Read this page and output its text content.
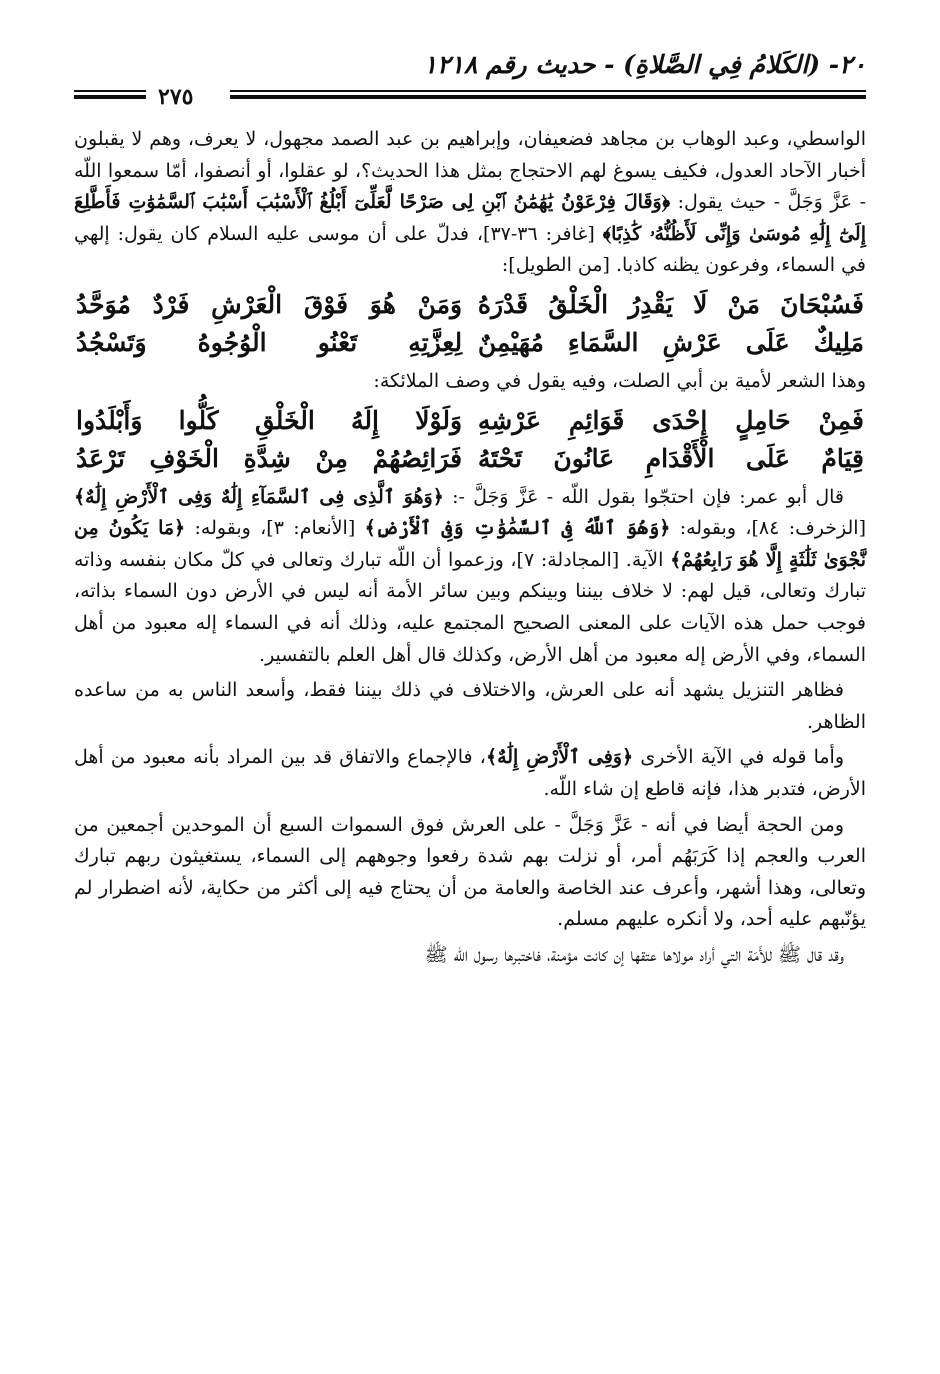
٢٠- (الكَلامُ فِي الصَّلاةِ) - حديث رقم ١٢١٨
٢٧٥

الواسطي، وعبد الوهاب بن مجاهد فضعيفان، وإبراهيم بن عبد الصمد مجهول، لا يعرف، وهم لا يقبلون أخبار الآحاد العدول، فكيف يسوغ لهم الاحتجاج بمثل هذا الحديث؟، لو عقلوا، أو أنصفوا، أمّا سمعوا اللّه - عَزَّ وَجَلَّ - حيث يقول: ﴿وَقَالَ فِرْعَوْنُ يَٰهَٰمَٰنُ ٱبْنِ لِى صَرْحًا لَّعَلِّىٓ أَبْلُغُ ٱلْأَسْبَٰبَ أَسْبَٰبَ ٱلسَّمَٰوَٰتِ فَأَطَّلِعَ إِلَىٰٓ إِلَٰهِ مُوسَىٰ وَإِنِّى لَأَظُنُّهُۥ كَٰذِبًا﴾ [غافر: ٣٦-٣٧]، فدلّ على أن موسى عليه السلام كان يقول: إلهي في السماء، وفرعون يظنه كاذبا. [من الطويل]:

فَسُبْحَانَ مَنْ لَا يَقْدِرُ الْخَلْقُ قَدْرَهُ
وَمَنْ هُوَ فَوْقَ الْعَرْشِ فَرْدٌ مُوَحَّدُ
مَلِيكٌ عَلَى عَرْشِ السَّمَاءِ مُهَيْمِنٌ
لِعِزَّتِهِ تَعْنُو الْوُجُوهُ وَتَسْجُدُ

وهذا الشعر لأمية بن أبي الصلت، وفيه يقول في وصف الملائكة:

فَمِنْ حَامِلٍ إِحْدَى قَوَائِمِ عَرْشِهِ
وَلَوْلَا إِلَهُ الْخَلْقِ كَلُّوا وَأَبْلَدُوا
قِيَامٌ عَلَى الْأَقْدَامِ عَانُونَ تَحْتَهُ
فَرَائِصُهُمْ مِنْ شِدَّةِ الْخَوْفِ تَرْعَدُ

قال أبو عمر: فإن احتجّوا بقول اللّه - عَزَّ وَجَلَّ -: ﴿وَهُوَ ٱلَّذِى فِى ٱلسَّمَآءِ إِلَٰهٌ وَفِى ٱلْأَرْضِ إِلَٰهٌ﴾ [الزخرف: ٨٤]، وبقوله: ﴿وَهُوَ ٱللَّهُ فِى ٱلسَّمَٰوَٰتِ وَفِى ٱلْأَرْضِ﴾ [الأنعام: ٣]، وبقوله: ﴿مَا يَكُونُ مِن نَّجْوَىٰ ثَلَٰثَةٍ إِلَّا هُوَ رَابِعُهُمْ﴾ الآية. [المجادلة: ٧]، وزعموا أن اللّه تبارك وتعالى في كلّ مكان بنفسه وذاته تبارك وتعالى، قيل لهم: لا خلاف بيننا وبينكم وبين سائر الأمة أنه ليس في الأرض دون السماء بذاته، فوجب حمل هذه الآيات على المعنى الصحيح المجتمع عليه، وذلك أنه في السماء إله معبود من أهل السماء، وفي الأرض إله معبود من أهل الأرض، وكذلك قال أهل العلم بالتفسير.

فظاهر التنزيل يشهد أنه على العرش، والاختلاف في ذلك بيننا فقط، وأسعد الناس به من ساعده الظاهر.

وأما قوله في الآية الأخرى ﴿وَفِى ٱلْأَرْضِ إِلَٰهٌ﴾، فالإجماع والاتفاق قد بين المراد بأنه معبود من أهل الأرض، فتدبر هذا، فإنه قاطع إن شاء اللّه.

ومن الحجة أيضا في أنه - عَزَّ وَجَلَّ - على العرش فوق السموات السبع أن الموحدين أجمعين من العرب والعجم إذا كَرَبَهُم أمر، أو نزلت بهم شدة رفعوا وجوههم إلى السماء، يستغيثون ربهم تبارك وتعالى، وهذا أشهر، وأعرف عند الخاصة والعامة من أن يحتاج فيه إلى أكثر من حكاية، لأنه اضطرار لم يؤنّبهم عليه أحد، ولا أنكره عليهم مسلم.

وقد قال ﷺ للأَمَة التي أراد مولاها عتقها إن كانت مؤمنة، فاختبرها رسول اللّه ﷺ
